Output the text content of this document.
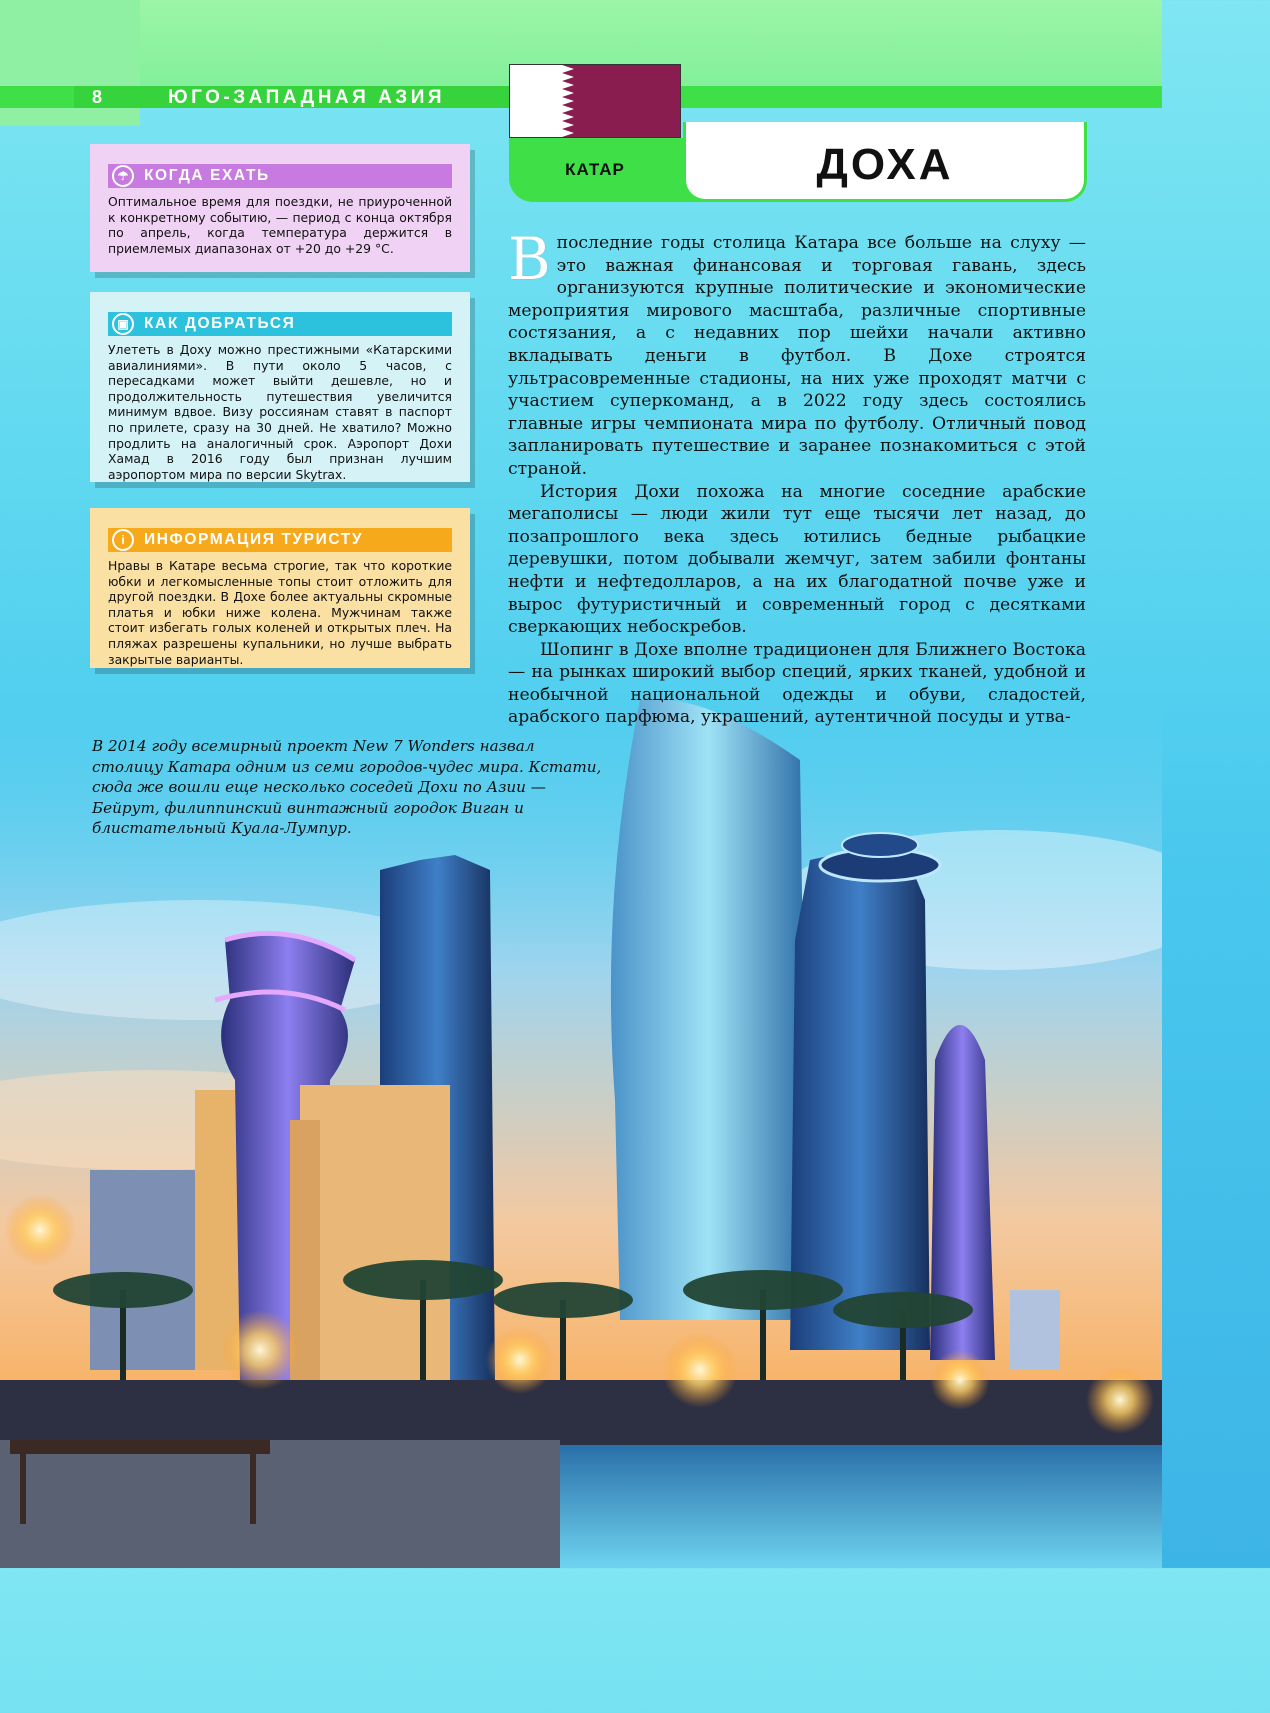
8	ЮГО-ЗАПАДНАЯ АЗИЯ
КАТАР	ДОХА
☂	КОГДА ЕХАТЬ

Оптимальное время для поездки, не приуроченной к конкретному событию, — период с конца октября по апрель, когда температура держится в приемлемых диапазонах от +20 до +29 °С.

▣ КАК ДОБРАТЬСЯ

Улететь в Доху можно престижными «Катарскими авиалиниями». В пути около 5 часов, с пересадками может выйти дешевле, но и продолжительность путешествия увеличится минимум вдвое. Визу россиянам ставят в паспорт по прилете, сразу на 30 дней. Не хватило? Можно продлить на аналогичный срок. Аэропорт Дохи Хамад в 2016 году был признан лучшим аэропортом мира по версии Skytrax.

i	ИНФОРМАЦИЯ ТУРИСТУ

Нравы в Катаре весьма строгие, так что короткие юбки и легкомысленные топы стоит отложить для другой поездки. В Дохе более актуальны скромные платья и юбки ниже колена. Мужчинам также стоит избегать голых коленей и открытых плеч. На пляжах разрешены купальники, но лучше выбрать закрытые варианты.

В последние годы столица Катара все больше на слуху — это важная финансовая и торговая гавань, здесь организуются крупные политические и экономические мероприятия мирового масштаба, различные спортивные состязания, а с недавних пор шейхи начали активно вкладывать деньги в футбол. В Дохе строятся ультрасовременные стадионы, на них уже проходят матчи с участием суперкоманд, а в 2022 году здесь состоялись главные игры чемпионата мира по футболу. Отличный повод запланировать путешествие и заранее познакомиться с этой страной.

История Дохи похожа на многие соседние арабские мегаполисы — люди жили тут еще тысячи лет назад, до позапрошлого века здесь ютились бедные рыбацкие деревушки, потом добывали жемчуг, затем забили фонтаны нефти и нефтедолларов, а на их благодатной почве уже и вырос футуристичный и современный город с десятками сверкающих небоскребов.

Шопинг в Дохе вполне традиционен для Ближнего Востока — на рынках широкий выбор специй, ярких тканей, удобной и необычной национальной одежды и обуви, сладостей, арабского парфюма, украшений, аутентичной посуды и утва-

В 2014 году всемирный проект New 7 Wonders назвал столицу Катара одним из семи городов-чудес мира. Кстати, сюда же вошли еще несколько соседей Дохи по Азии — Бейрут, филиппинский винтажный городок Виган и блистательный Куала-Лумпур.
